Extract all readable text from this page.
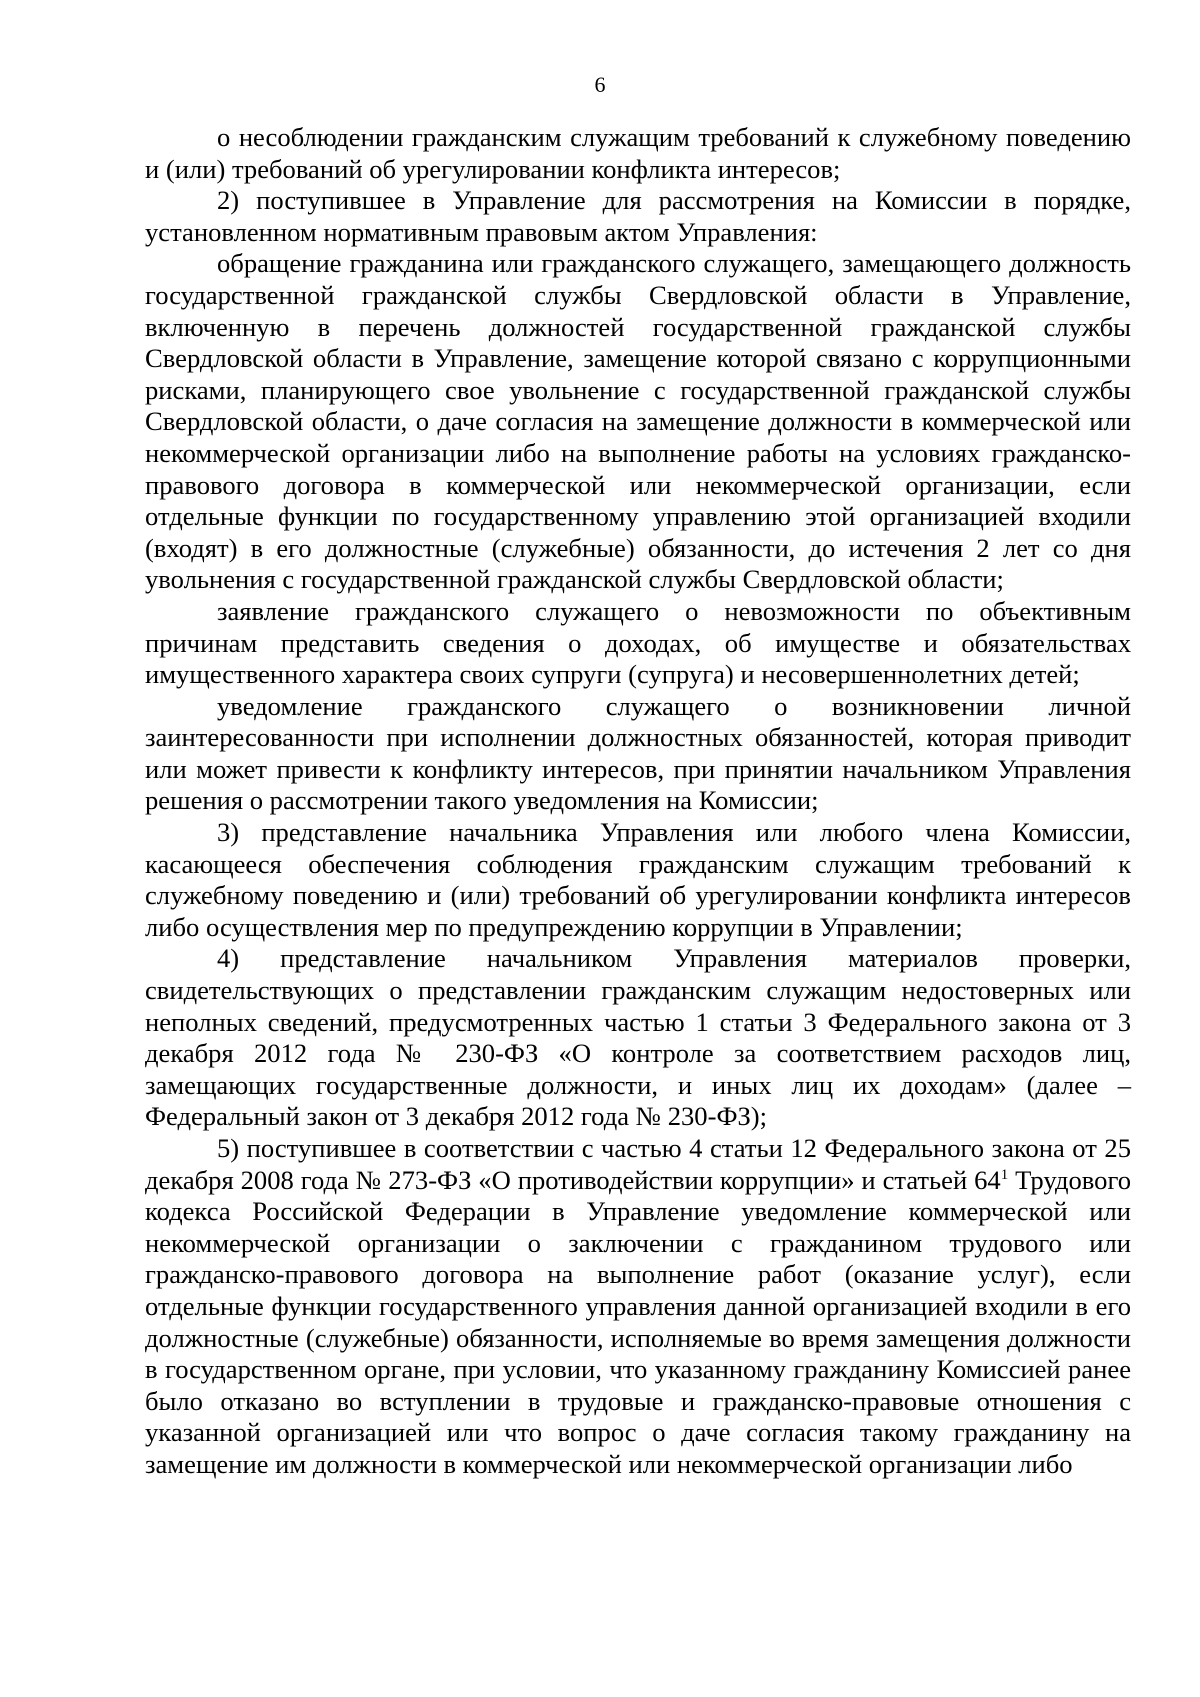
6

о несоблюдении гражданским служащим требований к служебному поведению и (или) требований об урегулировании конфликта интересов;

2) поступившее в Управление для рассмотрения на Комиссии в порядке, установленном нормативным правовым актом Управления:

обращение гражданина или гражданского служащего, замещающего должность государственной гражданской службы Свердловской области в Управление, включенную в перечень должностей государственной гражданской службы Свердловской области в Управление, замещение которой связано с коррупционными рисками, планирующего свое увольнение с государственной гражданской службы Свердловской области, о даче согласия на замещение должности в коммерческой или некоммерческой организации либо на выполнение работы на условиях гражданско-правового договора в коммерческой или некоммерческой организации, если отдельные функции по государственному управлению этой организацией входили (входят) в его должностные (служебные) обязанности, до истечения 2 лет со дня увольнения с государственной гражданской службы Свердловской области;

заявление гражданского служащего о невозможности по объективным причинам представить сведения о доходах, об имуществе и обязательствах имущественного характера своих супруги (супруга) и несовершеннолетних детей;

уведомление гражданского служащего о возникновении личной заинтересованности при исполнении должностных обязанностей, которая приводит или может привести к конфликту интересов, при принятии начальником Управления решения о рассмотрении такого уведомления на Комиссии;

3) представление начальника Управления или любого члена Комиссии, касающееся обеспечения соблюдения гражданским служащим требований к служебному поведению и (или) требований об урегулировании конфликта интересов либо осуществления мер по предупреждению коррупции в Управлении;

4) представление начальником Управления материалов проверки, свидетельствующих о представлении гражданским служащим недостоверных или неполных сведений, предусмотренных частью 1 статьи 3 Федерального закона от 3 декабря 2012 года № 230-ФЗ «О контроле за соответствием расходов лиц, замещающих государственные должности, и иных лиц их доходам» (далее – Федеральный закон от 3 декабря 2012 года № 230-ФЗ);

5) поступившее в соответствии с частью 4 статьи 12 Федерального закона от 25 декабря 2008 года № 273-ФЗ «О противодействии коррупции» и статьей $64^1$ Трудового кодекса Российской Федерации в Управление уведомление коммерческой или некоммерческой организации о заключении с гражданином трудового или гражданско-правового договора на выполнение работ (оказание услуг), если отдельные функции государственного управления данной организацией входили в его должностные (служебные) обязанности, исполняемые во время замещения должности в государственном органе, при условии, что указанному гражданину Комиссией ранее было отказано во вступлении в трудовые и гражданско-правовые отношения с указанной организацией или что вопрос о даче согласия такому гражданину на замещение им должности в коммерческой или некоммерческой организации либо
